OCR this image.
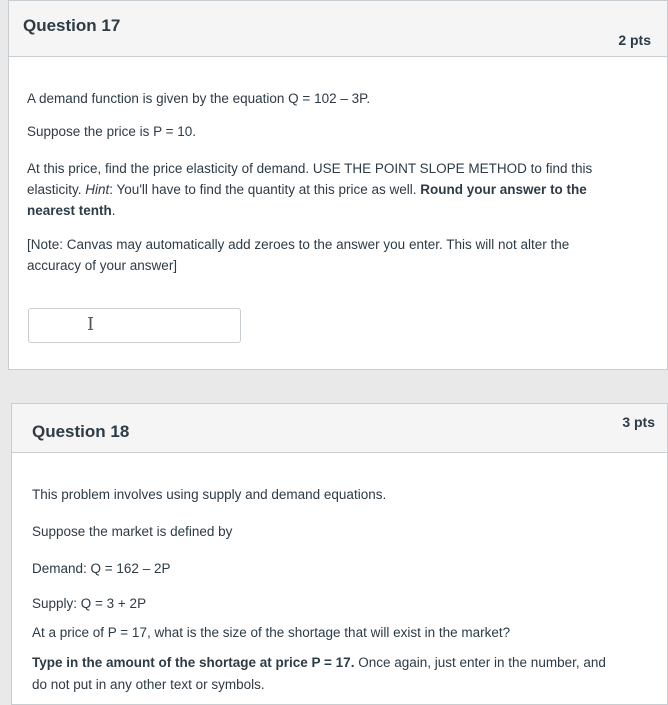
Question 17
2 pts
A demand function is given by the equation Q = 102 – 3P.
Suppose the price is P = 10.
At this price, find the price elasticity of demand. USE THE POINT SLOPE METHOD to find this
elasticity. Hint: You'll have to find the quantity at this price as well. Round your answer to the
nearest tenth.
[Note: Canvas may automatically add zeroes to the answer you enter. This will not alter the
accuracy of your answer]
I
Question 18	3 pts
This problem involves using supply and demand equations.
Suppose the market is defined by
Demand: Q = 162 – 2P
Supply: Q = 3 + 2P
At a price of P = 17, what is the size of the shortage that will exist in the market?
Type in the amount of the shortage at price P = 17. Once again, just enter in the number, and
do not put in any other text or symbols.
